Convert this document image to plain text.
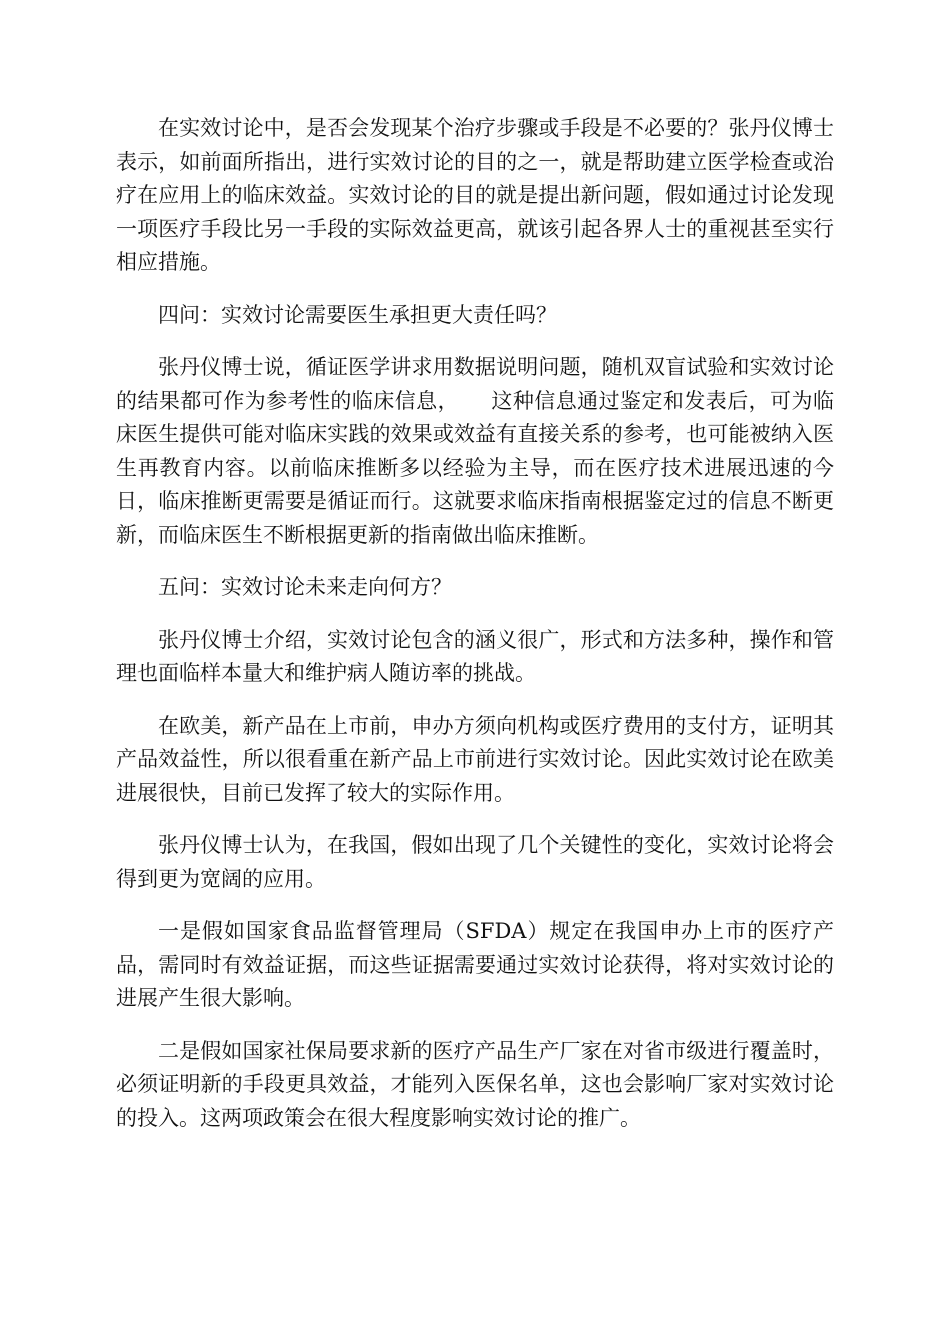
在实效讨论中，是否会发现某个治疗步骤或手段是不必要的？张丹仪博士表示，如前面所指出，进行实效讨论的目的之一，就是帮助建立医学检查或治疗在应用上的临床效益。实效讨论的目的就是提出新问题，假如通过讨论发现一项医疗手段比另一手段的实际效益更高，就该引起各界人士的重视甚至实行相应措施。

四问：实效讨论需要医生承担更大责任吗？

张丹仪博士说，循证医学讲求用数据说明问题，随机双盲试验和实效讨论的结果都可作为参考性的临床信息，　　这种信息通过鉴定和发表后，可为临床医生提供可能对临床实践的效果或效益有直接关系的参考，也可能被纳入医生再教育内容。以前临床推断多以经验为主导，而在医疗技术进展迅速的今日，临床推断更需要是循证而行。这就要求临床指南根据鉴定过的信息不断更新，而临床医生不断根据更新的指南做出临床推断。

五问：实效讨论未来走向何方？

张丹仪博士介绍，实效讨论包含的涵义很广，形式和方法多种，操作和管理也面临样本量大和维护病人随访率的挑战。

在欧美，新产品在上市前，申办方须向机构或医疗费用的支付方，证明其产品效益性，所以很看重在新产品上市前进行实效讨论。因此实效讨论在欧美进展很快，目前已发挥了较大的实际作用。

张丹仪博士认为，在我国，假如出现了几个关键性的变化，实效讨论将会得到更为宽阔的应用。

一是假如国家食品监督管理局（SFDA）规定在我国申办上市的医疗产品，需同时有效益证据，而这些证据需要通过实效讨论获得，将对实效讨论的进展产生很大影响。

二是假如国家社保局要求新的医疗产品生产厂家在对省市级进行覆盖时，必须证明新的手段更具效益，才能列入医保名单，这也会影响厂家对实效讨论的投入。这两项政策会在很大程度影响实效讨论的推广。
